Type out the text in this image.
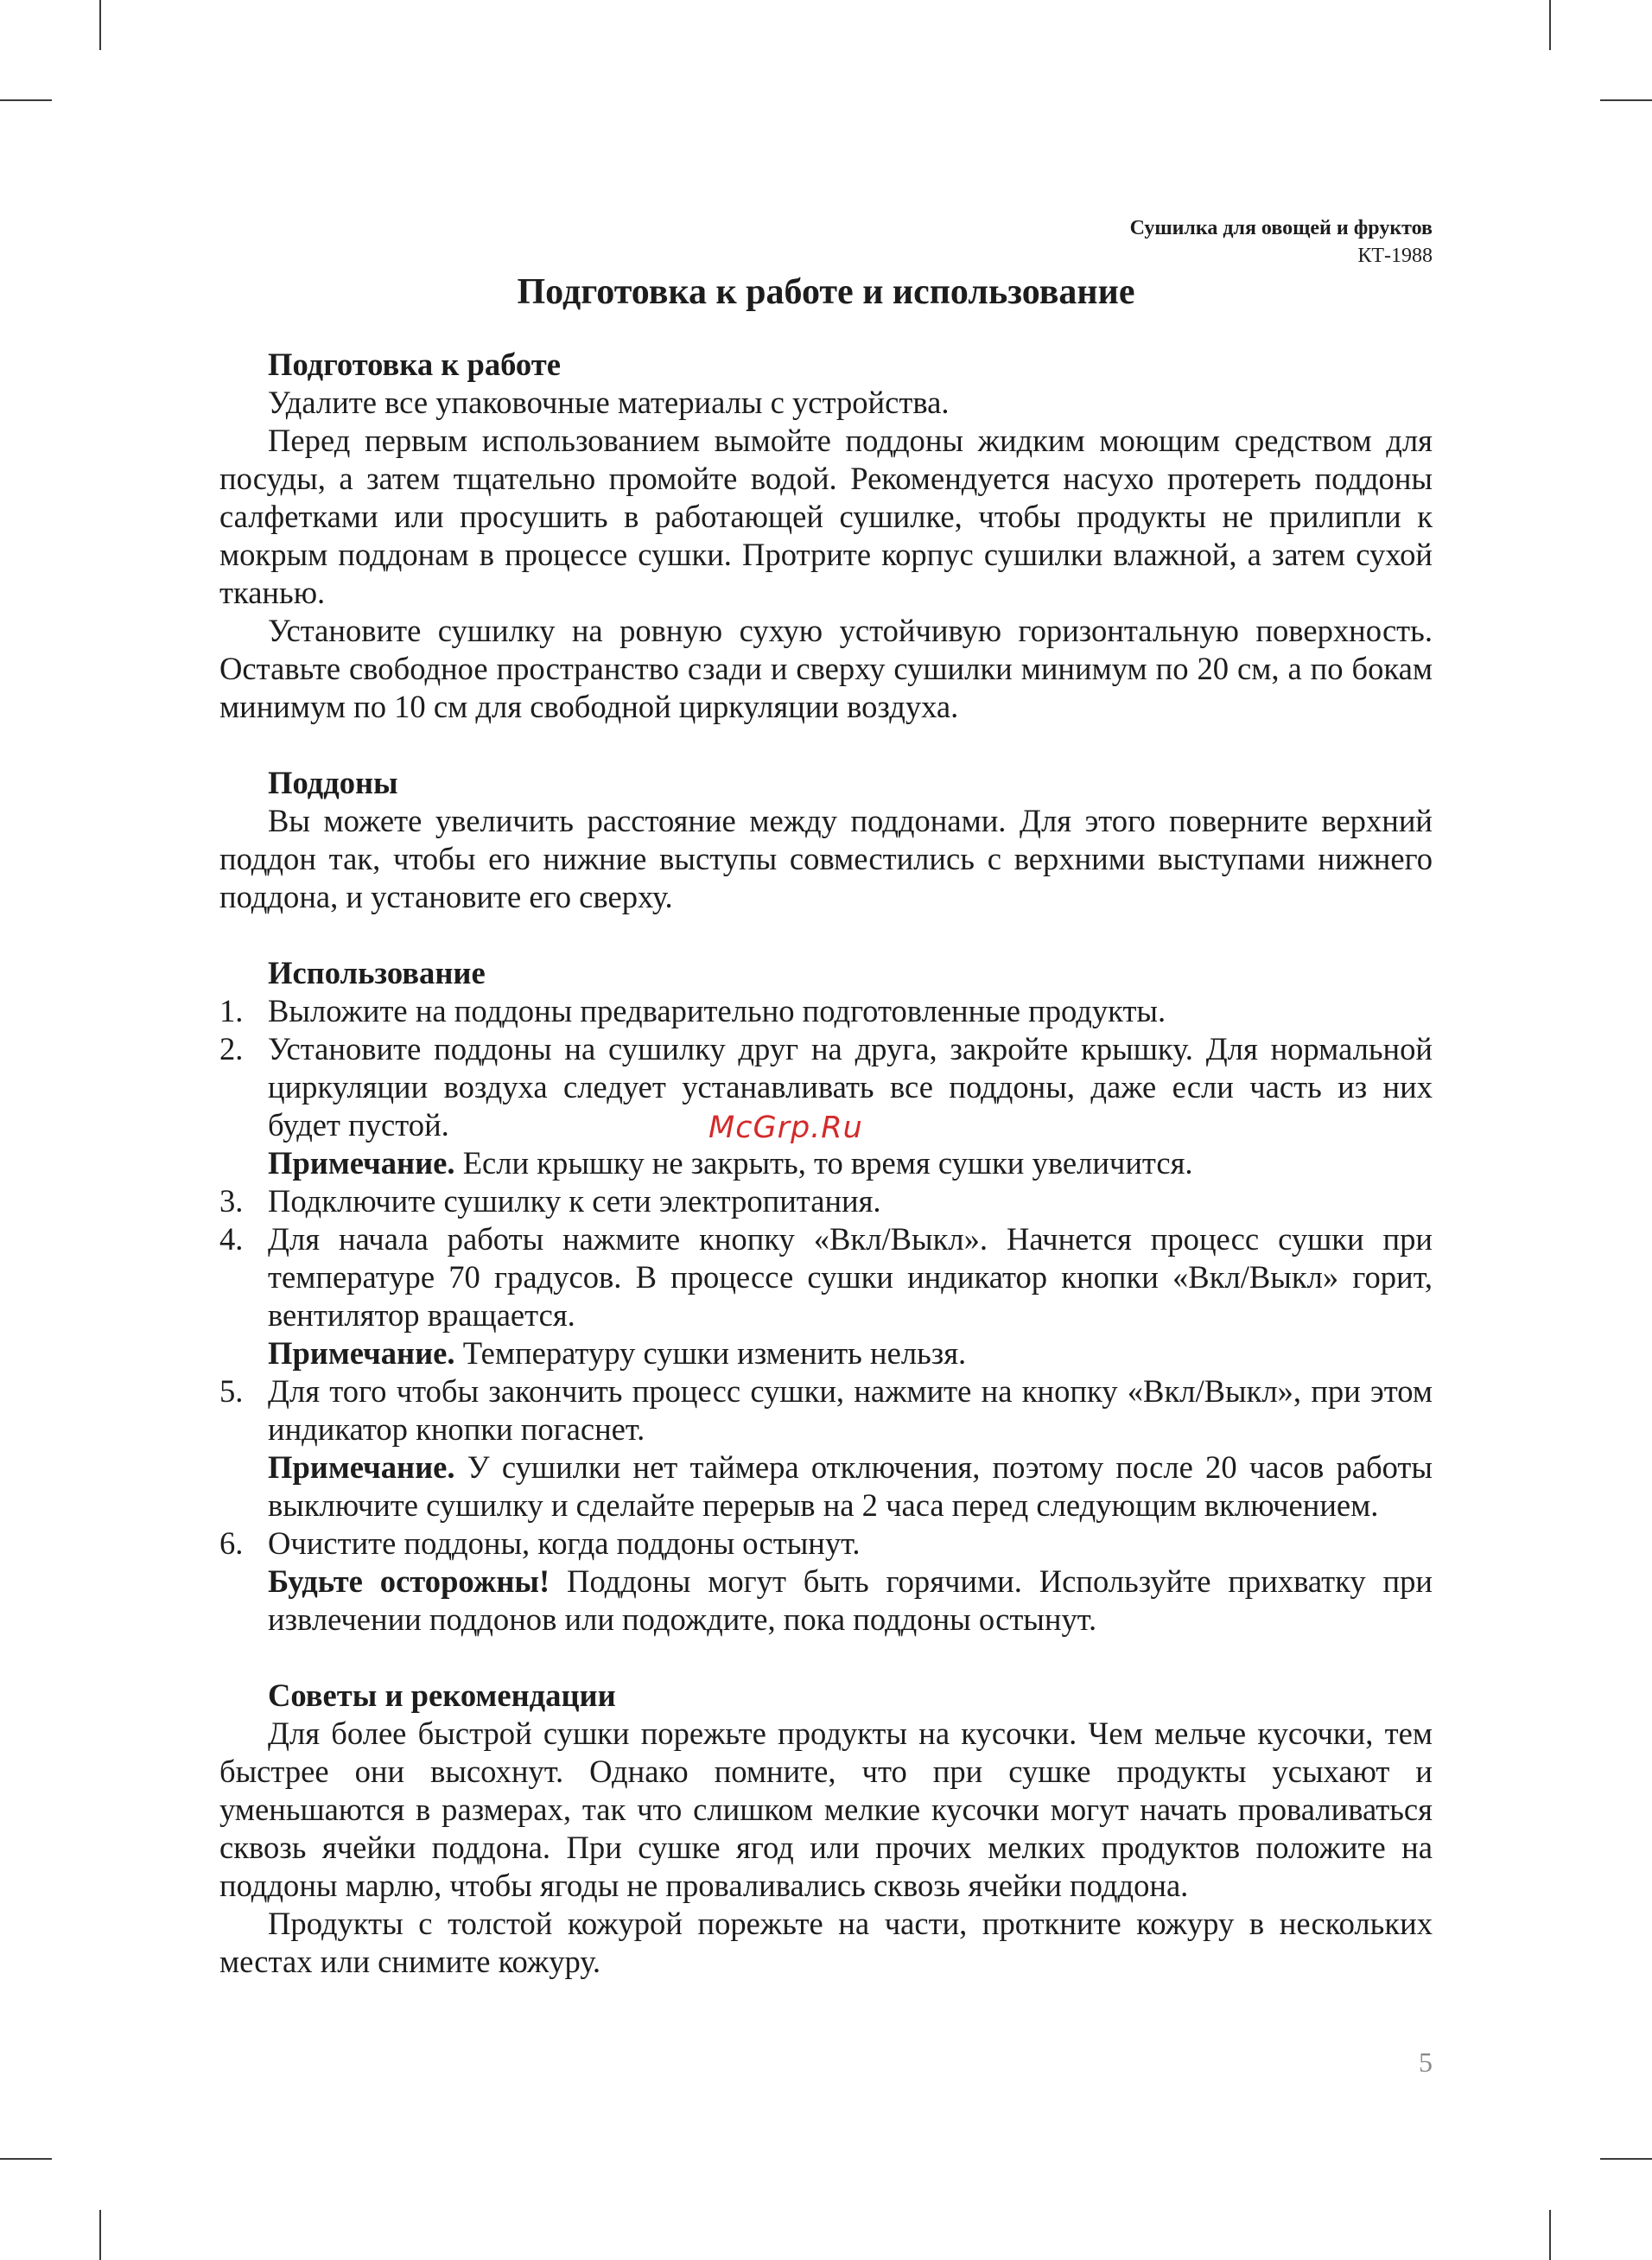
Сушилка для овощей и фруктов
КТ-1988
Подготовка к работе и использование
Подготовка к работе

Удалите все упаковочные материалы с устройства.

Перед первым использованием вымойте поддоны жидким моющим средством для посуды, а затем тщательно промойте водой. Рекомендуется насухо протереть поддоны салфетками или просушить в работающей сушилке, чтобы продукты не прилипли к мокрым поддонам в процессе сушки. Протрите корпус сушилки влажной, а затем сухой тканью.

Установите сушилку на ровную сухую устойчивую горизонтальную поверхность. Оставьте свободное пространство сзади и сверху сушилки минимум по 20 см, а по бокам минимум по 10 см для свободной циркуляции воздуха.

Поддоны

Вы можете увеличить расстояние между поддонами. Для этого поверните верхний поддон так, чтобы его нижние выступы совместились с верхними выступами нижнего поддона, и установите его сверху.

Использование
1. Выложите на поддоны предварительно подготовленные продукты.

2. Установите поддоны на сушилку друг на друга, закройте крышку. Для нормальной циркуляции воздуха следует устанавливать все поддоны, даже если часть из них будет пустой.

Примечание. Если крышку не закрыть, то время сушки увеличится.

3. Подключите сушилку к сети электропитания.

4. Для начала работы нажмите кнопку «Вкл/Выкл». Начнется процесс сушки при температуре 70 градусов. В процессе сушки индикатор кнопки «Вкл/Выкл» горит, вентилятор вращается.

Примечание. Температуру сушки изменить нельзя.

5. Для того чтобы закончить процесс сушки, нажмите на кнопку «Вкл/Выкл», при этом индикатор кнопки погаснет.

Примечание. У сушилки нет таймера отключения, поэтому после 20 часов работы выключите сушилку и сделайте перерыв на 2 часа перед следующим включением.

6. Очистите поддоны, когда поддоны остынут.

Будьте осторожны! Поддоны могут быть горячими. Используйте прихватку при извлечении поддонов или подождите, пока поддоны остынут.

Советы и рекомендации

Для более быстрой сушки порежьте продукты на кусочки. Чем мельче кусочки, тем быстрее они высохнут. Однако помните, что при сушке продукты усыхают и уменьшаются в размерах, так что слишком мелкие кусочки могут начать проваливаться сквозь ячейки поддона. При сушке ягод или прочих мелких продуктов положите на поддоны марлю, чтобы ягоды не проваливались сквозь ячейки поддона.

Продукты с толстой кожурой порежьте на части, проткните кожуру в нескольких местах или снимите кожуру.

McGrp.Ru
5
